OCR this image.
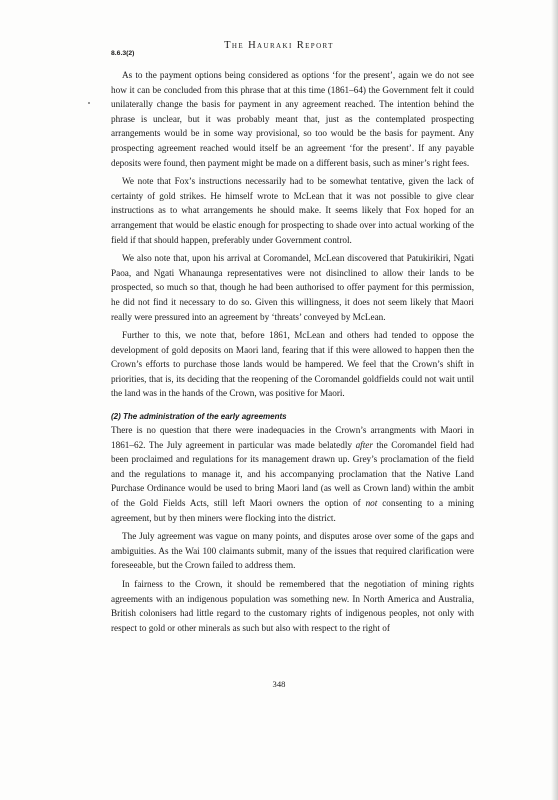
The Hauraki Report
8.6.3(2)

As to the payment options being considered as options ‘for the present’, again we do not see how it can be concluded from this phrase that at this time (1861–64) the Government felt it could unilaterally change the basis for payment in any agreement reached. The intention behind the phrase is unclear, but it was probably meant that, just as the contemplated prospecting arrangements would be in some way provisional, so too would be the basis for payment. Any prospecting agreement reached would itself be an agreement ‘for the present’. If any payable deposits were found, then payment might be made on a different basis, such as miner’s right fees.

We note that Fox’s instructions necessarily had to be somewhat tentative, given the lack of certainty of gold strikes. He himself wrote to McLean that it was not possible to give clear instructions as to what arrangements he should make. It seems likely that Fox hoped for an arrangement that would be elastic enough for prospecting to shade over into actual working of the field if that should happen, preferably under Government control.

We also note that, upon his arrival at Coromandel, McLean discovered that Patukirikiri, Ngati Paoa, and Ngati Whanaunga representatives were not disinclined to allow their lands to be prospected, so much so that, though he had been authorised to offer payment for this permission, he did not find it necessary to do so. Given this willingness, it does not seem likely that Maori really were pressured into an agreement by ‘threats’ conveyed by McLean.

Further to this, we note that, before 1861, McLean and others had tended to oppose the development of gold deposits on Maori land, fearing that if this were allowed to happen then the Crown’s efforts to purchase those lands would be hampered. We feel that the Crown’s shift in priorities, that is, its deciding that the reopening of the Coromandel goldfields could not wait until the land was in the hands of the Crown, was positive for Maori.

(2) The administration of the early agreements

There is no question that there were inadequacies in the Crown’s arrangments with Maori in 1861–62. The July agreement in particular was made belatedly after the Coromandel field had been proclaimed and regulations for its management drawn up. Grey’s proclamation of the field and the regulations to manage it, and his accompanying proclamation that the Native Land Purchase Ordinance would be used to bring Maori land (as well as Crown land) within the ambit of the Gold Fields Acts, still left Maori owners the option of not consenting to a mining agreement, but by then miners were flocking into the district.

The July agreement was vague on many points, and disputes arose over some of the gaps and ambiguities. As the Wai 100 claimants submit, many of the issues that required clarification were foreseeable, but the Crown failed to address them.

In fairness to the Crown, it should be remembered that the negotiation of mining rights agreements with an indigenous population was something new. In North America and Australia, British colonisers had little regard to the customary rights of indigenous peoples, not only with respect to gold or other minerals as such but also with respect to the right of

348
